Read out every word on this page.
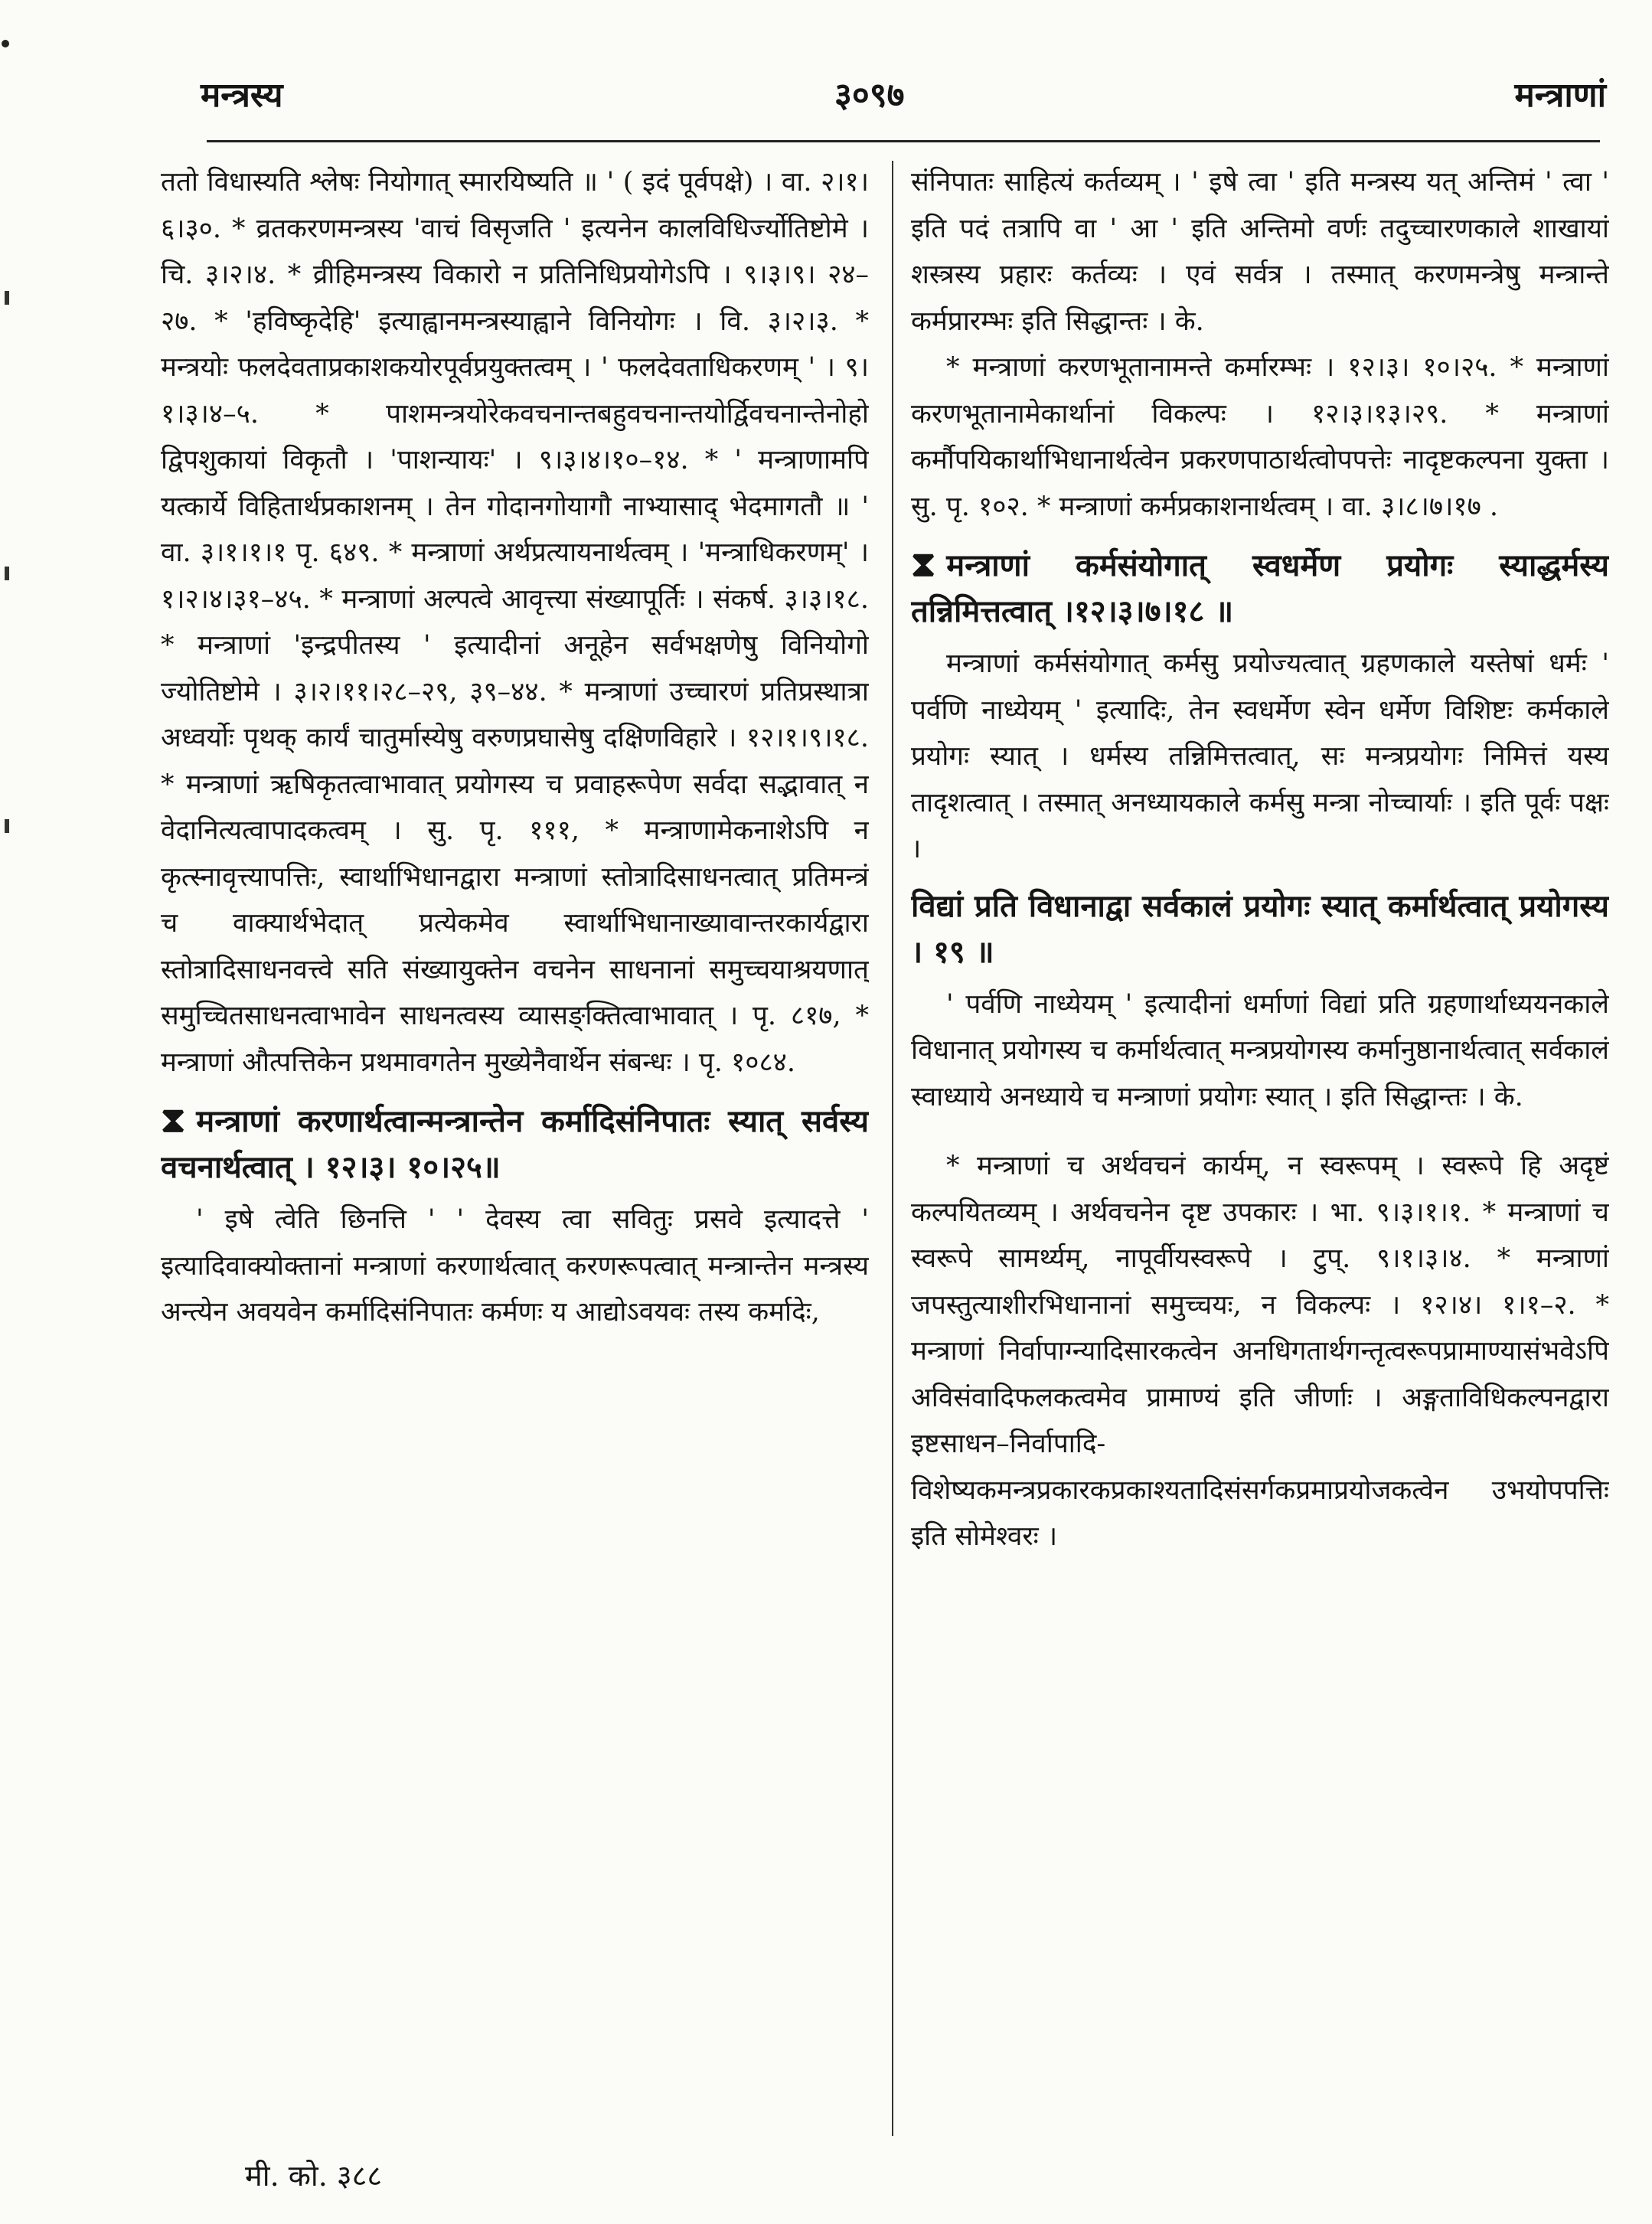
मन्त्रस्य	३०९७	मन्त्राणां

ततो विधास्यति श्लेषः नियोगात् स्मारयिष्यति ॥ ' ( इदं पूर्वपक्षे) । वा. २।१।६।३०. * व्रतकरणमन्त्रस्य 'वाचं विसृजति ' इत्यनेन कालविधिर्ज्योतिष्टोमे । चि. ३।२।४. * व्रीहिमन्त्रस्य विकारो न प्रतिनिधिप्रयोगेऽपि । ९।३।९। २४–२७. * 'हविष्कृदेहि' इत्याह्वानमन्त्रस्याह्वाने विनियोगः । वि. ३।२।३. * मन्त्रयोः फलदेवताप्रकाशकयोरपूर्वप्रयुक्तत्वम् । ' फलदेवताधिकरणम् ' । ९।१।३।४–५. * पाशमन्त्रयोरेकवचनान्तबहुवचनान्तयोर्द्विवचनान्तेनोहो द्विपशुकायां विकृतौ । 'पाशन्यायः' । ९।३।४।१०–१४. * ' मन्त्राणामपि यत्कार्ये विहितार्थप्रकाशनम् । तेन गोदानगोयागौ नाभ्यासाद् भेदमागतौ ॥ ' वा. ३।१।१।१ पृ. ६४९. * मन्त्राणां अर्थप्रत्यायनार्थत्वम् । 'मन्त्राधिकरणम्' । १।२।४।३१–४५. * मन्त्राणां अल्पत्वे आवृत्त्या संख्यापूर्तिः । संकर्ष. ३।३।१८. * मन्त्राणां 'इन्द्रपीतस्य ' इत्यादीनां अनूहेन सर्वभक्षणेषु विनियोगो ज्योतिष्टोमे । ३।२।११।२८–२९, ३९–४४. * मन्त्राणां उच्चारणं प्रतिप्रस्थात्रा अध्वर्योः पृथक् कार्यं चातुर्मास्येषु वरुणप्रघासेषु दक्षिणविहारे । १२।१।९।१८. * मन्त्राणां ऋषिकृतत्वाभावात् प्रयोगस्य च प्रवाहरूपेण सर्वदा सद्भावात् न वेदानित्यत्वापादकत्वम् । सु. पृ. १११, * मन्त्राणामेकनाशेऽपि न कृत्स्नावृत्त्यापत्तिः, स्वार्थाभिधानद्वारा मन्त्राणां स्तोत्रादिसाधनत्वात् प्रतिमन्त्रं च वाक्यार्थभेदात् प्रत्येकमेव स्वार्थाभिधानाख्यावान्तरकार्यद्वारा स्तोत्रादिसाधनवत्त्वे सति संख्यायुक्तेन वचनेन साधनानां समुच्चयाश्रयणात् समुच्चितसाधनत्वाभावेन साधनत्वस्य व्यासङ्क्तित्वाभावात् । पृ. ८१७, * मन्त्राणां औत्पत्तिकेन प्रथमावगतेन मुख्येनैवार्थेन संबन्धः । पृ. १०८४.

⧗ मन्त्राणां करणार्थत्वान्मन्त्रान्तेन कर्मादिसंनिपातः स्यात् सर्वस्य वचनार्थत्वात् । १२।३। १०।२५॥

' इषे त्वेति छिनत्ति ' ' देवस्य त्वा सवितुः प्रसवे इत्यादत्ते ' इत्यादिवाक्योक्तानां मन्त्राणां करणार्थत्वात् करणरूपत्वात् मन्त्रान्तेन मन्त्रस्य अन्त्येन अवयवेन कर्मादिसंनिपातः कर्मणः य आद्योऽवयवः तस्य कर्मादेः,

संनिपातः साहित्यं कर्तव्यम् । ' इषे त्वा ' इति मन्त्रस्य यत् अन्तिमं ' त्वा ' इति पदं तत्रापि वा ' आ ' इति अन्तिमो वर्णः तदुच्चारणकाले शाखायां शस्त्रस्य प्रहारः कर्तव्यः । एवं सर्वत्र । तस्मात् करणमन्त्रेषु मन्त्रान्ते कर्मप्रारम्भः इति सिद्धान्तः । के.

* मन्त्राणां करणभूतानामन्ते कर्मारम्भः । १२।३। १०।२५. * मन्त्राणां करणभूतानामेकार्थानां विकल्पः । १२।३।१३।२९. * मन्त्राणां कर्मौपयिकार्थाभिधानार्थत्वेन प्रकरणपाठार्थत्वोपपत्तेः नादृष्टकल्पना युक्ता । सु. पृ. १०२. * मन्त्राणां कर्मप्रकाशनार्थत्वम् । वा. ३।८।७।१७ .

⧗ मन्त्राणां कर्मसंयोगात् स्वधर्मेण प्रयोगः स्याद्धर्मस्य तन्निमित्तत्वात् ।१२।३।७।१८ ॥

मन्त्राणां कर्मसंयोगात् कर्मसु प्रयोज्यत्वात् ग्रहणकाले यस्तेषां धर्मः ' पर्वणि नाध्येयम् ' इत्यादिः, तेन स्वधर्मेण स्वेन धर्मेण विशिष्टः कर्मकाले प्रयोगः स्यात् । धर्मस्य तन्निमित्तत्वात्, सः मन्त्रप्रयोगः निमित्तं यस्य तादृशत्वात् । तस्मात् अनध्यायकाले कर्मसु मन्त्रा नोच्चार्याः । इति पूर्वः पक्षः ।

विद्यां प्रति विधानाद्वा सर्वकालं प्रयोगः स्यात् कर्मार्थत्वात् प्रयोगस्य । १९ ॥

' पर्वणि नाध्येयम् ' इत्यादीनां धर्माणां विद्यां प्रति ग्रहणार्थाध्ययनकाले विधानात् प्रयोगस्य च कर्मार्थत्वात् मन्त्रप्रयोगस्य कर्मानुष्ठानार्थत्वात् सर्वकालं स्वाध्याये अनध्याये च मन्त्राणां प्रयोगः स्यात् । इति सिद्धान्तः । के.

* मन्त्राणां च अर्थवचनं कार्यम्, न स्वरूपम् । स्वरूपे हि अदृष्टं कल्पयितव्यम् । अर्थवचनेन दृष्ट उपकारः । भा. ९।३।१।१. * मन्त्राणां च स्वरूपे सामर्थ्यम्, नापूर्वीयस्वरूपे । टुप्. ९।१।३।४. * मन्त्राणां जपस्तुत्याशीरभिधानानां समुच्चयः, न विकल्पः । १२।४। १।१–२. * मन्त्राणां निर्वापाग्न्यादिसारकत्वेन अनधिगतार्थगन्तृत्वरूपप्रामाण्यासंभवेऽपि अविसंवादिफलकत्वमेव प्रामाण्यं इति जीर्णाः । अङ्गताविधिकल्पनद्वारा इष्टसाधन–निर्वापादि-विशेष्यकमन्त्रप्रकारकप्रकाश्यतादिसंसर्गकप्रमाप्रयोजकत्वेन उभयोपपत्तिः इति सोमेश्वरः ।

मी. को. ३८८
